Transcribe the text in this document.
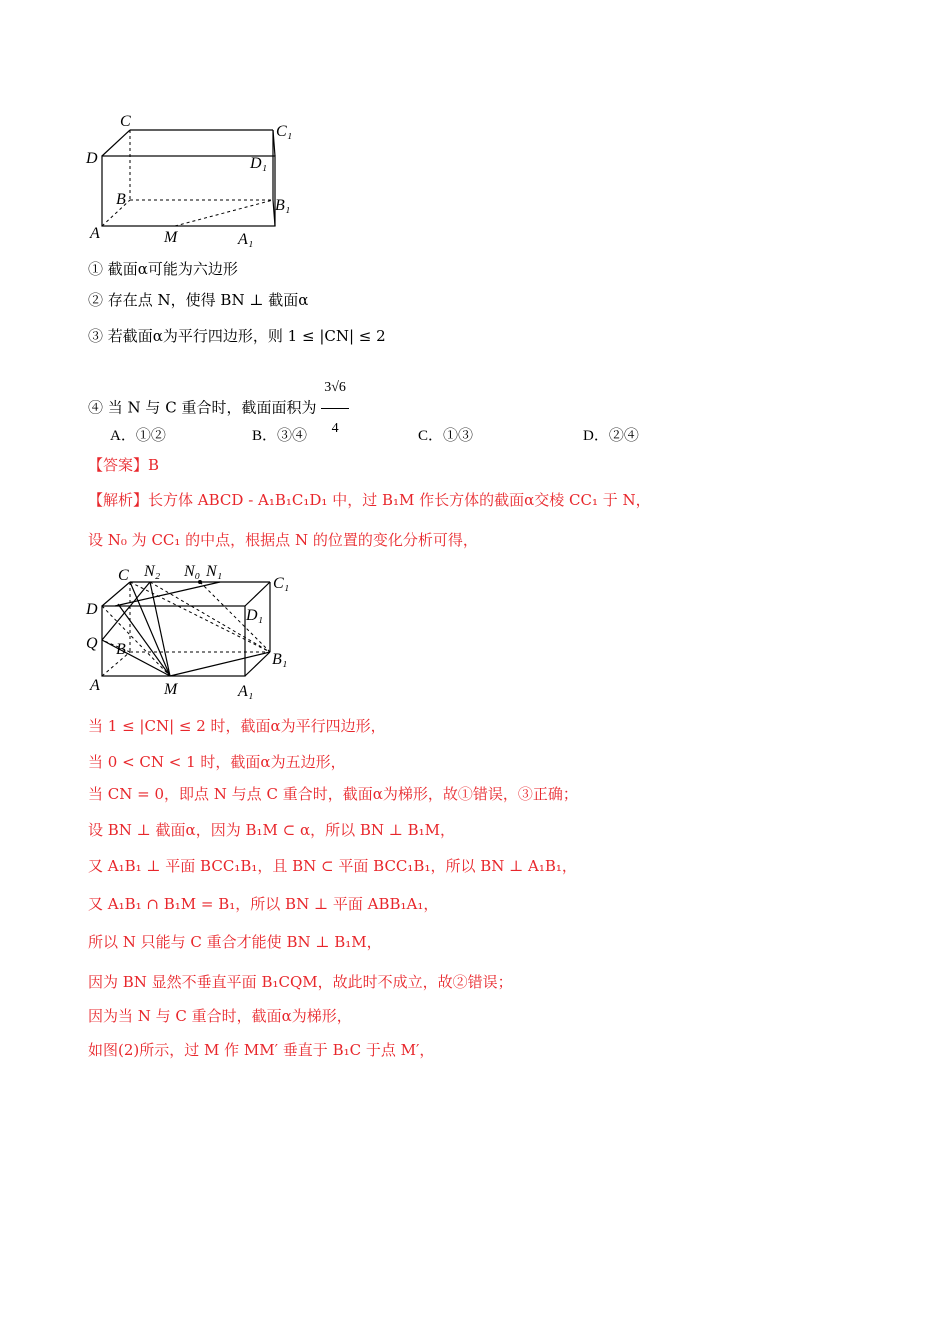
C
C₁
D	D₁
B	B₁
A	M	A₁
① 截面α可能为六边形
② 存在点 N，使得 BN ⊥ 截面α
③ 若截面α为平行四边形，则 1 ≤ |CN| ≤ 2
④ 当 N 与 C 重合时，截面面积为 $\frac{3√6}{4}$
A．①②	B．③④	C．①③	D．②④
【答案】B
【解析】长方体 ABCD - A₁B₁C₁D₁ 中，过 B₁M 作长方体的截面α交棱 CC₁ 于 N，
设 N₀ 为 CC₁ 的中点，根据点 N 的位置的变化分析可得，
C N₂ N₀ N₁
C₁
D	D₁
Q B
B₁
A	M	A₁
当 1 ≤ |CN| ≤ 2 时，截面α为平行四边形，
当 0 < CN < 1 时，截面α为五边形，
当 CN = 0，即点 N 与点 C 重合时，截面α为梯形，故①错误，③正确；
设 BN ⊥ 截面α，因为 B₁M ⊂ α，所以 BN ⊥ B₁M，
又 A₁B₁ ⊥ 平面 BCC₁B₁，且 BN ⊂ 平面 BCC₁B₁，所以 BN ⊥ A₁B₁，
又 A₁B₁ ∩ B₁M = B₁，所以 BN ⊥ 平面 ABB₁A₁，
所以 N 只能与 C 重合才能使 BN ⊥ B₁M，
因为 BN 显然不垂直平面 B₁CQM，故此时不成立，故②错误；
因为当 N 与 C 重合时，截面α为梯形，
如图(2)所示，过 M 作 MM′ 垂直于 B₁C 于点 M′，
